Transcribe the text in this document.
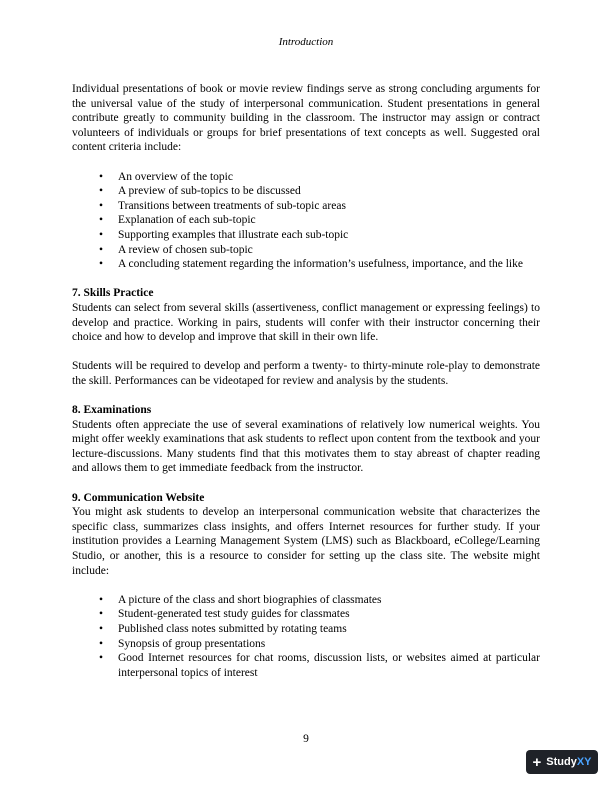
Introduction

Individual presentations of book or movie review findings serve as strong concluding arguments for the universal value of the study of interpersonal communication. Student presentations in general contribute greatly to community building in the classroom. The instructor may assign or contract volunteers of individuals or groups for brief presentations of text concepts as well. Suggested oral content criteria include:

• An overview of the topic
• A preview of sub-topics to be discussed
• Transitions between treatments of sub-topic areas
• Explanation of each sub-topic
• Supporting examples that illustrate each sub-topic
• A review of chosen sub-topic
• A concluding statement regarding the information’s usefulness, importance, and the like
7. Skills Practice

Students can select from several skills (assertiveness, conflict management or expressing feelings) to develop and practice. Working in pairs, students will confer with their instructor concerning their choice and how to develop and improve that skill in their own life.

Students will be required to develop and perform a twenty- to thirty-minute role-play to demonstrate the skill. Performances can be videotaped for review and analysis by the students.

8. Examinations

Students often appreciate the use of several examinations of relatively low numerical weights. You might offer weekly examinations that ask students to reflect upon content from the textbook and your lecture-discussions. Many students find that this motivates them to stay abreast of chapter reading and allows them to get immediate feedback from the instructor.

9. Communication Website

You might ask students to develop an interpersonal communication website that characterizes the specific class, summarizes class insights, and offers Internet resources for further study. If your institution provides a Learning Management System (LMS) such as Blackboard, eCollege/Learning Studio, or another, this is a resource to consider for setting up the class site. The website might include:

• A picture of the class and short biographies of classmates
• Student-generated test study guides for classmates
• Published class notes submitted by rotating teams
• Synopsis of group presentations
• Good Internet resources for chat rooms, discussion lists, or websites aimed at particular interpersonal topics of interest
9
+ StudyXY
